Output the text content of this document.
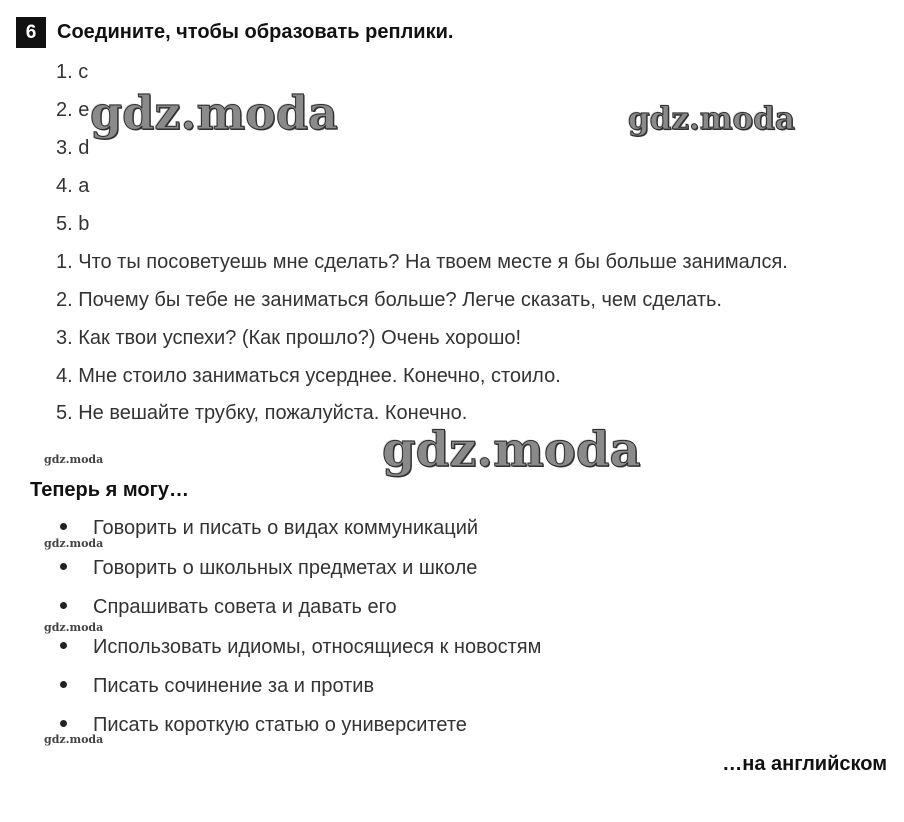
6	Соедините, чтобы образовать реплики.
1. c
2. e
3. d
4. a
5. b
1. Что ты посоветуешь мне сделать? На твоем месте я бы больше занимался.
2. Почему бы тебе не заниматься больше? Легче сказать, чем сделать.
3. Как твои успехи? (Как прошло?) Очень хорошо!
4. Мне стоило заниматься усерднее. Конечно, стоило.
5. Не вешайте трубку, пожалуйста. Конечно.
Теперь я могу…
Говорить и писать о видах коммуникаций
Говорить о школьных предметах и школе
Спрашивать совета и давать его
Использовать идиомы, относящиеся к новостям
Писать сочинение за и против
Писать короткую статью о университете
…на английском
gdz.moda	gdz.moda
gdz.moda
gdz.moda
gdz.moda
gdz.moda
gdz.moda
